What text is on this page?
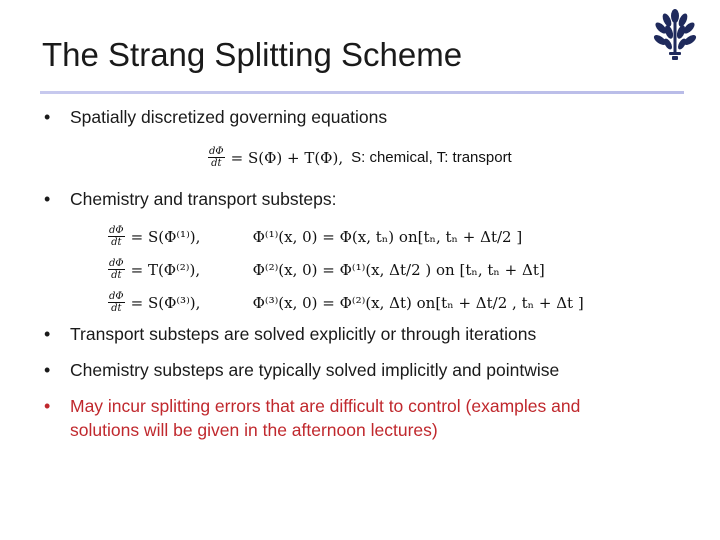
The Strang Splitting Scheme
• Spatially discretized governing equations
$\frac{d\Phi}{dt} = S(\Phi) + T(\Phi)$, S: chemical, T: transport
• Chemistry and transport substeps:
$\frac{d\Phi}{dt} = S(\Phi^{(1)})$,	Φ⁽¹⁾(x, 0) = Φ(x, tₙ) on[tₙ, tₙ + Δt/2 ]
$\frac{d\Phi}{dt} = T(\Phi^{(2)})$,	Φ⁽²⁾(x, 0) = Φ⁽¹⁾(x, Δt/2 ) on [tₙ, tₙ + Δt]
$\frac{d\Phi}{dt} = S(\Phi^{(3)})$,	Φ⁽³⁾(x, 0) = Φ⁽²⁾(x, Δt) on[tₙ + Δt/2 , tₙ + Δt ]
• Transport substeps are solved explicitly or through iterations
• Chemistry substeps are typically solved implicitly and pointwise
• May incur splitting errors that are difficult to control (examples and
solutions will be given in the afternoon lectures)
